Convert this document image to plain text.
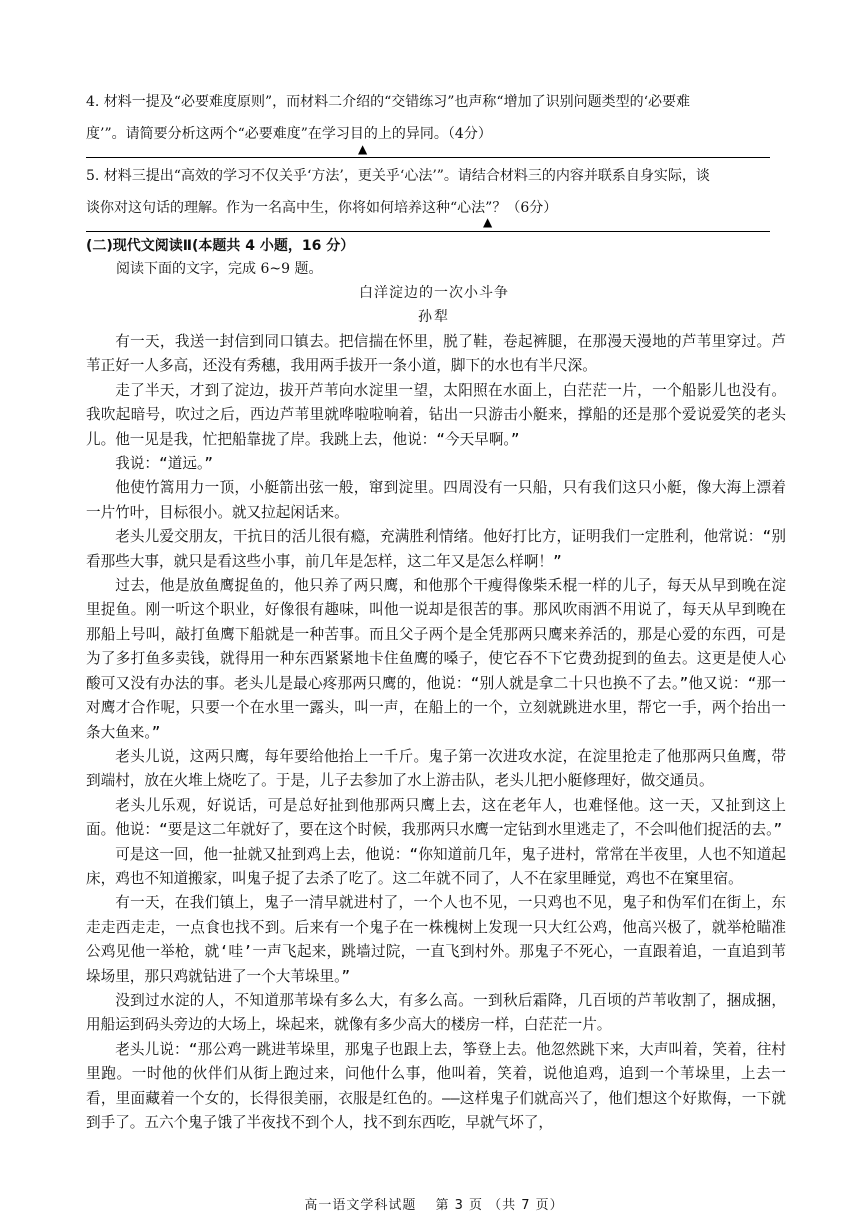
4. 材料一提及“必要难度原则”，而材料二介绍的“交错练习”也声称“增加了识别问题类型的‘必要难

度’”。请简要分析这两个“必要难度”在学习目的上的异同。（4分）

▲

5. 材料三提出“高效的学习不仅关乎‘方法’，更关乎‘心法’”。请结合材料三的内容并联系自身实际，谈

谈你对这句话的理解。作为一名高中生，你将如何培养这种“心法”？（6分）

▲
(二)现代文阅读Ⅱ(本题共 4 小题，16 分）
阅读下面的文字，完成 6~9 题。
白洋淀边的一次小斗争
孙犁

有一天，我送一封信到同口镇去。把信揣在怀里，脱了鞋，卷起裤腿，在那漫天漫地的芦苇里穿过。芦苇正好一人多高，还没有秀穗，我用两手拔开一条小道，脚下的水也有半尺深。

走了半天，才到了淀边，拔开芦苇向水淀里一望，太阳照在水面上，白茫茫一片，一个船影儿也没有。我吹起暗号，吹过之后，西边芦苇里就哗啦啦响着，钻出一只游击小艇来，撑船的还是那个爱说爱笑的老头儿。他一见是我，忙把船靠拢了岸。我跳上去，他说：“今天早啊。”

我说：“道远。”

他使竹篙用力一顶，小艇箭出弦一般，窜到淀里。四周没有一只船，只有我们这只小艇，像大海上漂着一片竹叶，目标很小。就又拉起闲话来。

老头儿爱交朋友，干抗日的活儿很有瘾，充满胜利情绪。他好打比方，证明我们一定胜利，他常说：“别看那些大事，就只是看这些小事，前几年是怎样，这二年又是怎么样啊！”

过去，他是放鱼鹰捉鱼的，他只养了两只鹰，和他那个干瘦得像柴禾棍一样的儿子，每天从早到晚在淀里捉鱼。刚一听这个职业，好像很有趣味，叫他一说却是很苦的事。那风吹雨洒不用说了，每天从早到晚在那船上号叫，敲打鱼鹰下船就是一种苦事。而且父子两个是全凭那两只鹰来养活的，那是心爱的东西，可是为了多打鱼多卖钱，就得用一种东西紧紧地卡住鱼鹰的嗓子，使它吞不下它费劲捉到的鱼去。这更是使人心酸可又没有办法的事。老头儿是最心疼那两只鹰的，他说：“别人就是拿二十只也换不了去。”他又说：“那一对鹰才合作呢，只要一个在水里一露头，叫一声，在船上的一个，立刻就跳进水里，帮它一手，两个抬出一条大鱼来。”

老头儿说，这两只鹰，每年要给他抬上一千斤。鬼子第一次进攻水淀，在淀里抢走了他那两只鱼鹰，带到端村，放在火堆上烧吃了。于是，儿子去参加了水上游击队，老头儿把小艇修理好，做交通员。

老头儿乐观，好说话，可是总好扯到他那两只鹰上去，这在老年人，也难怪他。这一天，又扯到这上面。他说：“要是这二年就好了，要在这个时候，我那两只水鹰一定钻到水里逃走了，不会叫他们捉活的去。”

可是这一回，他一扯就又扯到鸡上去，他说：“你知道前几年，鬼子进村，常常在半夜里，人也不知道起床，鸡也不知道搬家，叫鬼子捉了去杀了吃了。这二年就不同了，人不在家里睡觉，鸡也不在窠里宿。

有一天，在我们镇上，鬼子一清早就进村了，一个人也不见，一只鸡也不见，鬼子和伪军们在街上，东走走西走走，一点食也找不到。后来有一个鬼子在一株槐树上发现一只大红公鸡，他高兴极了，就举枪瞄准公鸡见他一举枪，就‘哇’一声飞起来，跳墙过院，一直飞到村外。那鬼子不死心，一直跟着追，一直追到苇垛场里，那只鸡就钻进了一个大苇垛里。”

没到过水淀的人，不知道那苇垛有多么大，有多么高。一到秋后霜降，几百顷的芦苇收割了，捆成捆，用船运到码头旁边的大场上，垛起来，就像有多少高大的楼房一样，白茫茫一片。

老头儿说：“那公鸡一跳进苇垛里，那鬼子也跟上去，筝登上去。他忽然跳下来，大声叫着，笑着，往村里跑。一时他的伙伴们从街上跑过来，问他什么事，他叫着，笑着，说他追鸡，追到一个苇垛里，上去一看，里面藏着一个女的，长得很美丽，衣服是红色的。——这样鬼子们就高兴了，他们想这个好欺侮，一下就到手了。五六个鬼子饿了半夜找不到个人，找不到东西吃，早就气坏了，

高一语文学科试题　 第 3 页 （共 7 页）
